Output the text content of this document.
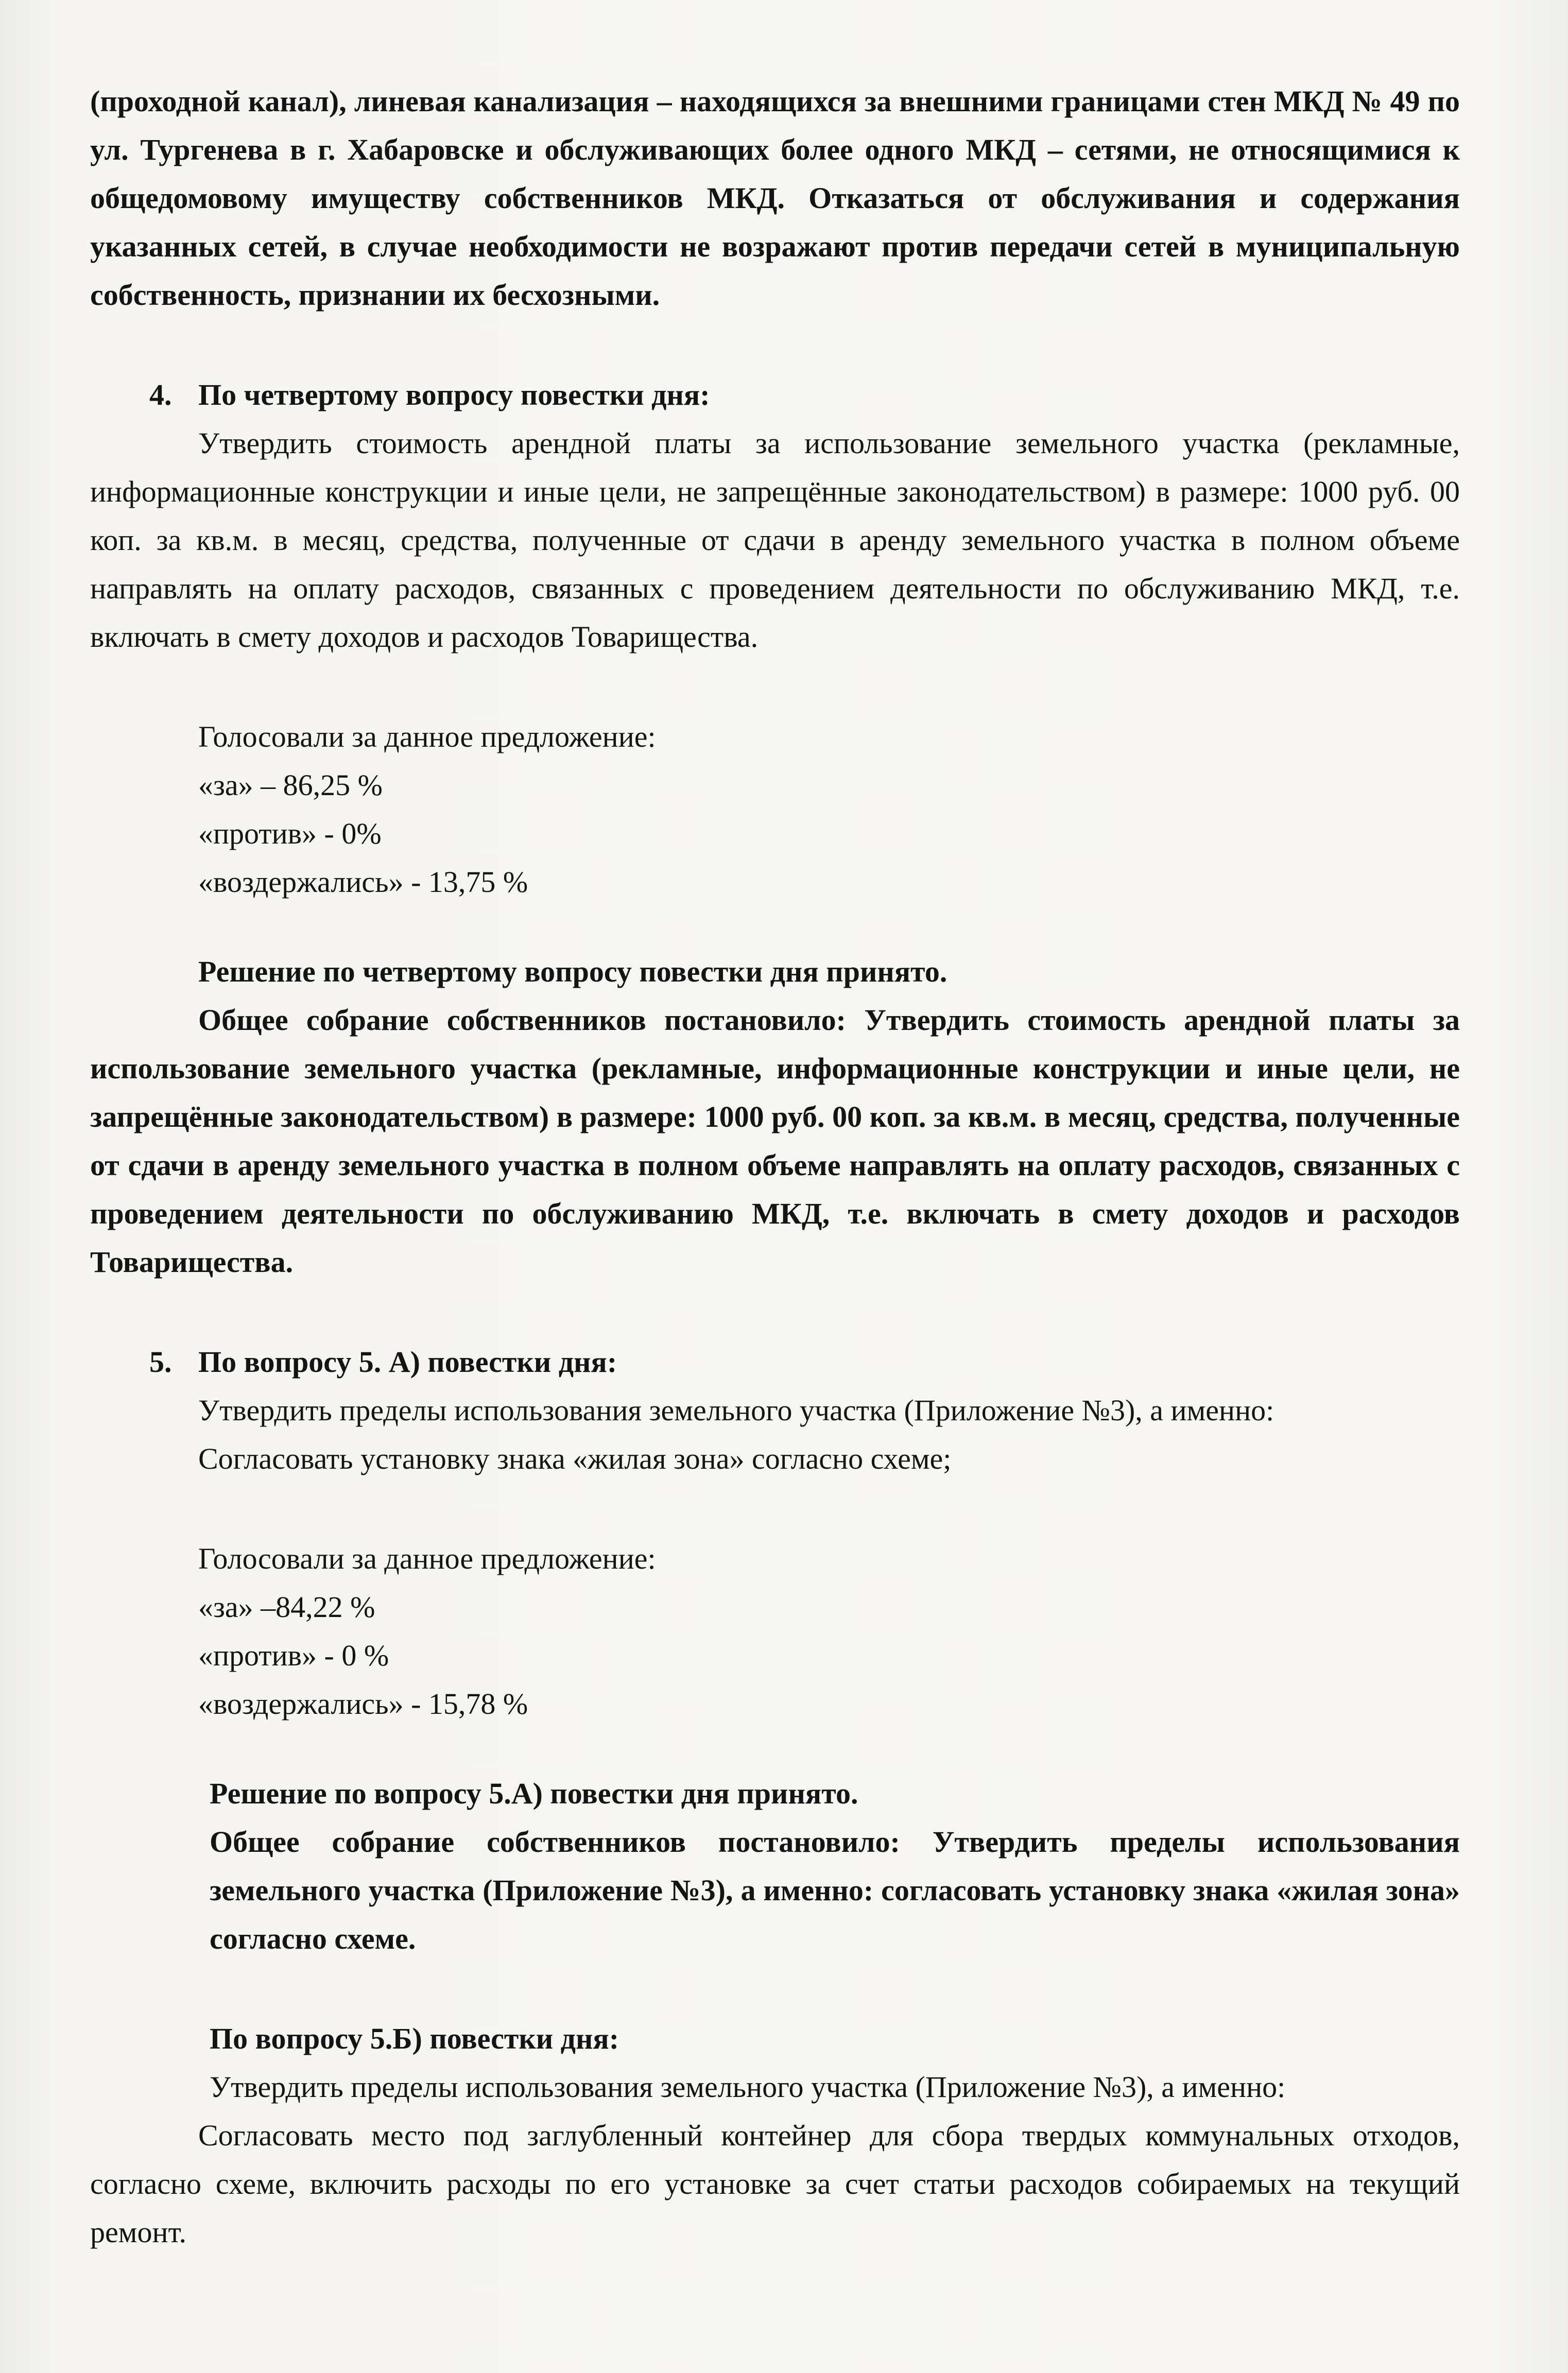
(проходной канал), линевая канализация – находящихся за внешними границами стен МКД № 49 по ул. Тургенева в г. Хабаровске и обслуживающих более одного МКД – сетями, не относящимися к общедомовому имуществу собственников МКД. Отказаться от обслуживания и содержания указанных сетей, в случае необходимости не возражают против передачи сетей в муниципальную собственность, признании их бесхозными.

4. По четвертому вопросу повестки дня:

Утвердить стоимость арендной платы за использование земельного участка (рекламные, информационные конструкции и иные цели, не запрещённые законодательством) в размере: 1000 руб. 00 коп. за кв.м. в месяц, средства, полученные от сдачи в аренду земельного участка в полном объеме направлять на оплату расходов, связанных с проведением деятельности по обслуживанию МКД, т.е. включать в смету доходов и расходов Товарищества.

Голосовали за данное предложение:

«за» – 86,25 %

«против» - 0%

«воздержались» - 13,75 %

Решение по четвертому вопросу повестки дня принято.

Общее собрание собственников постановило: Утвердить стоимость арендной платы за использование земельного участка (рекламные, информационные конструкции и иные цели, не запрещённые законодательством) в размере: 1000 руб. 00 коп. за кв.м. в месяц, средства, полученные от сдачи в аренду земельного участка в полном объеме направлять на оплату расходов, связанных с проведением деятельности по обслуживанию МКД, т.е. включать в смету доходов и расходов Товарищества.

5. По вопросу 5. А) повестки дня:

Утвердить пределы использования земельного участка (Приложение №3), а именно:

Согласовать установку знака «жилая зона» согласно схеме;

Голосовали за данное предложение:

«за» –84,22 %

«против» - 0 %

«воздержались» - 15,78 %

Решение по вопросу 5.А) повестки дня принято.

Общее собрание собственников постановило: Утвердить пределы использования земельного участка (Приложение №3), а именно: согласовать установку знака «жилая зона» согласно схеме.

По вопросу 5.Б) повестки дня:

Утвердить пределы использования земельного участка (Приложение №3), а именно:

Согласовать место под заглубленный контейнер для сбора твердых коммунальных отходов, согласно схеме, включить расходы по его установке за счет статьи расходов собираемых на текущий ремонт.
